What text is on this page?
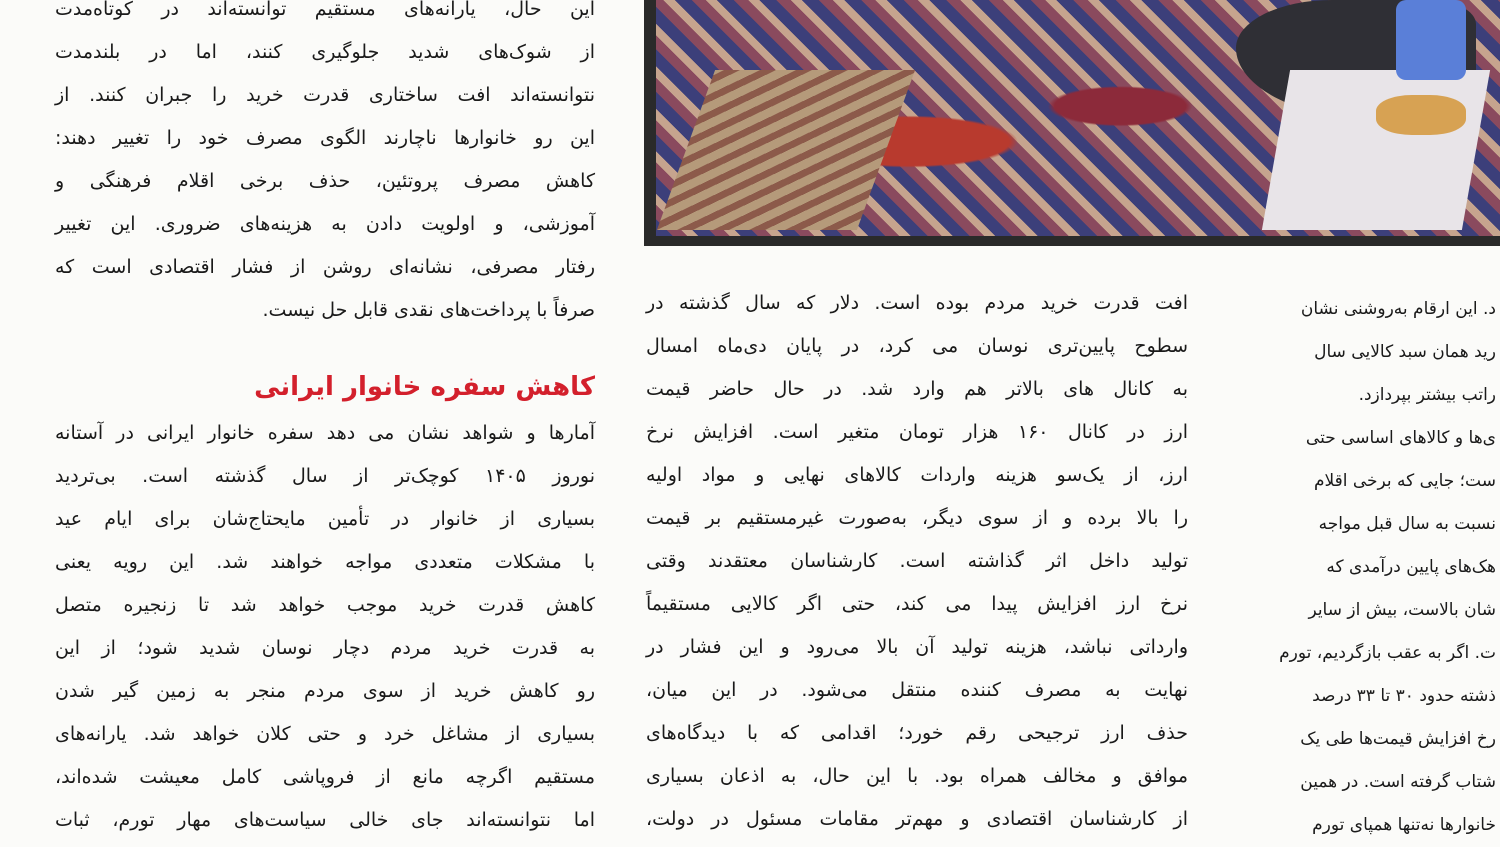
این حال، یارانه‌های مستقیم توانسته‌اند در کوتاه‌مدت
از شوک‌های شدید جلوگیری کنند، اما در بلندمدت
نتوانسته‌اند افت ساختاری قدرت خرید را جبران کنند. از
این رو خانوارها ناچارند الگوی مصرف خود را تغییر دهند:
کاهش مصرف پروتئین، حذف برخی اقلام فرهنگی و
آموزشی، و اولویت دادن به هزینه‌های ضروری. این تغییر
رفتار مصرفی، نشانه‌ای روشن از فشار اقتصادی است که
صرفاً با پرداخت‌های نقدی قابل حل نیست.
کاهش سفره خانوار ایرانی
آمارها و شواهد نشان می دهد سفره خانوار ایرانی در آستانه
نوروز ۱۴۰۵ کوچک‌تر از سال گذشته است. بی‌تردید
بسیاری از خانوار در تأمین مایحتاج‌شان برای ایام عید
با مشکلات متعددی مواجه خواهند شد. این رویه یعنی
کاهش قدرت خرید موجب خواهد شد تا زنجیره متصل
به قدرت خرید مردم دچار نوسان شدید شود؛ از این
رو کاهش خرید از سوی مردم منجر به زمین گیر شدن
بسیاری از مشاغل خرد و حتی کلان خواهد شد. یارانه‌های
مستقیم اگرچه مانع از فروپاشی کامل معیشت شده‌اند،
اما نتوانسته‌اند جای خالی سیاست‌های مهار تورم، ثبات
افت قدرت خرید مردم بوده است. دلار که سال گذشته در
سطوح پایین‌تری نوسان می کرد، در پایان دی‌ماه امسال
به کانال های بالاتر هم وارد شد. در حال حاضر قیمت
ارز در کانال ۱۶۰ هزار تومان متغیر است. افزایش نرخ
ارز، از یک‌سو هزینه واردات کالاهای نهایی و مواد اولیه
را بالا برده و از سوی دیگر، به‌صورت غیرمستقیم بر قیمت
تولید داخل اثر گذاشته است. کارشناسان معتقدند وقتی
نرخ ارز افزایش پیدا می کند، حتی اگر کالایی مستقیماً
وارداتی نباشد، هزینه تولید آن بالا می‌رود و این فشار در
نهایت به مصرف کننده منتقل می‌شود. در این میان،
حذف ارز ترجیحی رقم خورد؛ اقدامی که با دیدگاه‌های
موافق و مخالف همراه بود. با این حال، به اذعان بسیاری
از کارشناسان اقتصادی و مهم‌تر مقامات مسئول در دولت،
د. این ارقام به‌روشنی نشان
رید همان سبد کالایی سال
راتب بیشتر بپردازد.
ی‌ها و کالاهای اساسی حتی
ست؛ جایی که برخی اقلام
نسبت به سال قبل مواجه
هک‌های پایین درآمدی که
شان بالاست، بیش از سایر
ت. اگر به عقب بازگردیم، تورم
ذشته حدود ۳۰ تا ۳۳ درصد
رخ افزایش قیمت‌ها طی یک
شتاب گرفته است. در همین
خانوارها نه‌تنها همپای تورم
